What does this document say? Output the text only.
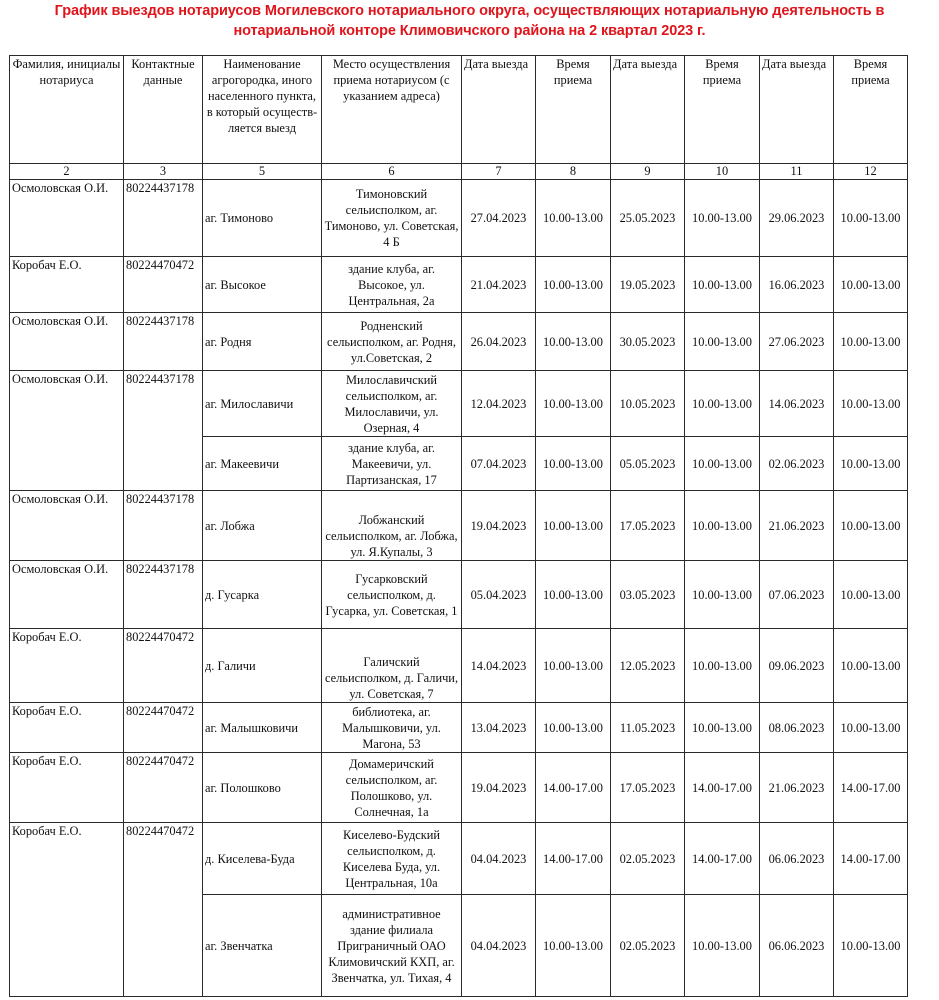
График выездов нотариусов Могилевского нотариального округа, осуществляющих нотариальную деятельность в
нотариальной конторе Климовичского района на 2 квартал 2023 г.
Фамилия, инициалы нотариуса	Контактные данные	Наименование агрогородка, иного населенного пункта, в который осуществ-ляется выезд	Место осуществления приема нотариусом (с указанием адреса)	Дата выезда	Время приема	Дата выезда	Время приема	Дата выезда	Время приема
2	3	5	6	7	8	9	10	11	12
Осмоловская О.И.	80224437178	аг. Тимоново	Тимоновский сельисполком, аг. Тимоново, ул. Советская, 4 Б	27.04.2023	10.00-13.00	25.05.2023	10.00-13.00	29.06.2023	10.00-13.00
Коробач Е.О.	80224470472	аг. Высокое	здание клуба, аг. Высокое, ул. Центральная, 2а	21.04.2023	10.00-13.00	19.05.2023	10.00-13.00	16.06.2023	10.00-13.00
Осмоловская О.И.	80224437178	аг. Родня	Родненский сельисполком, аг. Родня, ул.Советская, 2	26.04.2023	10.00-13.00	30.05.2023	10.00-13.00	27.06.2023	10.00-13.00
Осмоловская О.И.	80224437178	аг. Милославичи	Милославичский сельисполком, аг. Милославичи, ул. Озерная, 4	12.04.2023	10.00-13.00	10.05.2023	10.00-13.00	14.06.2023	10.00-13.00
		аг. Макеевичи	здание клуба, аг. Макеевичи, ул. Партизанская, 17	07.04.2023	10.00-13.00	05.05.2023	10.00-13.00	02.06.2023	10.00-13.00
Осмоловская О.И.	80224437178	аг. Лобжа	Лобжанский сельисполком, аг. Лобжа, ул. Я.Купалы, 3	19.04.2023	10.00-13.00	17.05.2023	10.00-13.00	21.06.2023	10.00-13.00
Осмоловская О.И.	80224437178	д. Гусарка	Гусарковский сельисполком, д. Гусарка, ул. Советская, 1	05.04.2023	10.00-13.00	03.05.2023	10.00-13.00	07.06.2023	10.00-13.00
Коробач Е.О.	80224470472	д. Галичи	Галичский сельисполком, д. Галичи, ул. Советская, 7	14.04.2023	10.00-13.00	12.05.2023	10.00-13.00	09.06.2023	10.00-13.00
Коробач Е.О.	80224470472	аг. Малышковичи	библиотека, аг. Малышковичи, ул. Магона, 53	13.04.2023	10.00-13.00	11.05.2023	10.00-13.00	08.06.2023	10.00-13.00
Коробач Е.О.	80224470472	аг. Полошково	Домамеричский сельисполком, аг. Полошково, ул. Солнечная, 1а	19.04.2023	14.00-17.00	17.05.2023	14.00-17.00	21.06.2023	14.00-17.00
Коробач Е.О.	80224470472	д. Киселева-Буда	Киселево-Будский сельисполком, д. Киселева Буда, ул. Центральная, 10а	04.04.2023	14.00-17.00	02.05.2023	14.00-17.00	06.06.2023	14.00-17.00
		аг. Звенчатка	административное здание филиала Приграничный ОАО Климовичский КХП, аг. Звенчатка, ул. Тихая, 4	04.04.2023	10.00-13.00	02.05.2023	10.00-13.00	06.06.2023	10.00-13.00
